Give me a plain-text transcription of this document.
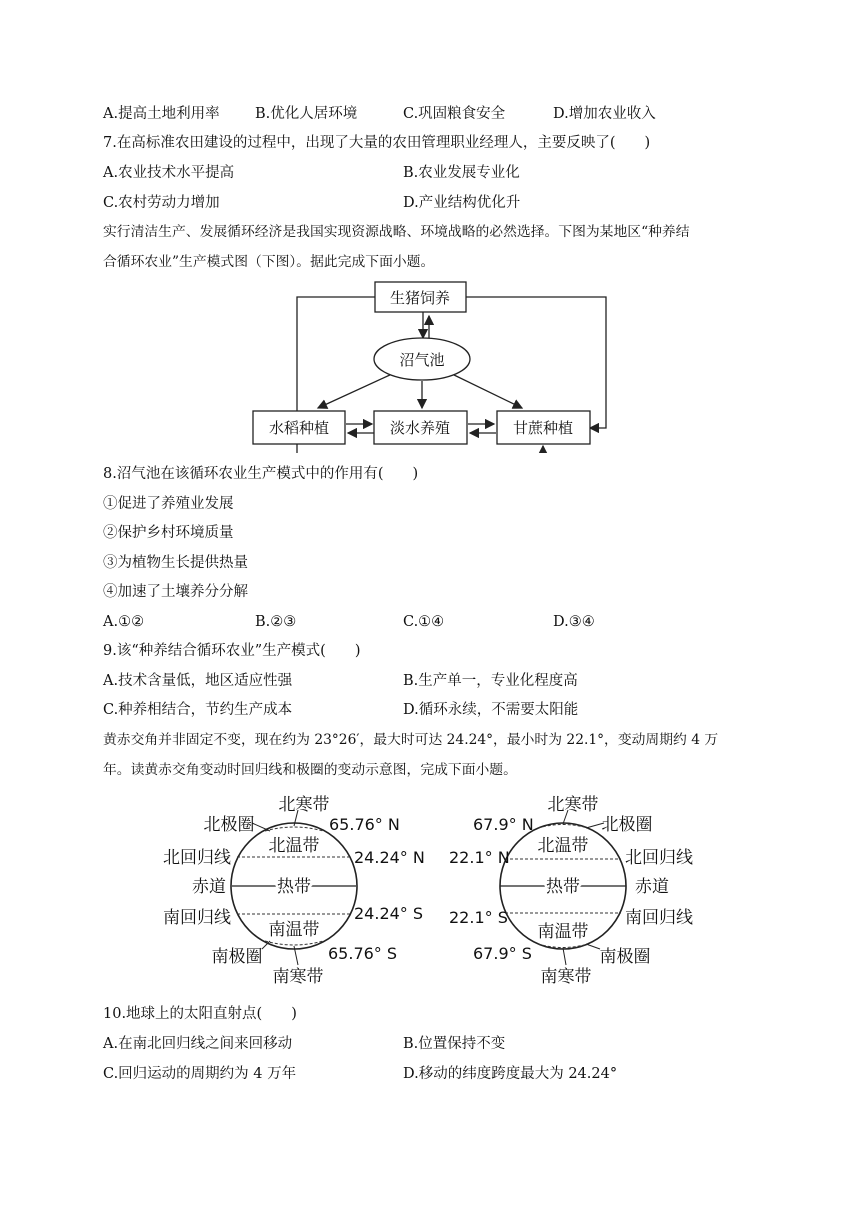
A.提高土地利用率 B.优化人居环境	C.巩固粮食安全	D.增加农业收入
7.在高标准农田建设的过程中，出现了大量的农田管理职业经理人，主要反映了(　　)
A.农业技术水平提高	B.农业发展专业化
C.农村劳动力增加	D.产业结构优化升
实行清洁生产、发展循环经济是我国实现资源战略、环境战略的必然选择。下图为某地区“种养结
合循环农业”生产模式图（下图）。据此完成下面小题。
生猪饲养
沼气池
水稻种植	淡水养殖	甘蔗种植
8.沼气池在该循环农业生产模式中的作用有(　　)
①促进了养殖业发展
②保护乡村环境质量
③为植物生长提供热量
④加速了土壤养分分解
A.①②	B.②③	C.①④	D.③④
9.该“种养结合循环农业”生产模式(　　)
A.技术含量低，地区适应性强	B.生产单一，专业化程度高
C.种养相结合，节约生产成本	D.循环永续，不需要太阳能
黄赤交角并非固定不变，现在约为 23°26′，最大时可达 24.24°，最小时为 22.1°，变动周期约 4 万
年。读黄赤交角变动时回归线和极圈的变动示意图，完成下面小题。
北寒带
北极圈	65.76° N
北回归线
北温带
24.24° N
赤道	热带
南回归线	24.24° S
南温带
南极圈	65.76° S
南寒带
北寒带
67.9° N	北极圈
22.1° N
北温带
北回归线
热带	赤道
22.1° S
南温带
南回归线
67.9° S	南极圈
南寒带
10.地球上的太阳直射点(　　)
A.在南北回归线之间来回移动	B.位置保持不变
C.回归运动的周期约为 4 万年	D.移动的纬度跨度最大为 24.24°
